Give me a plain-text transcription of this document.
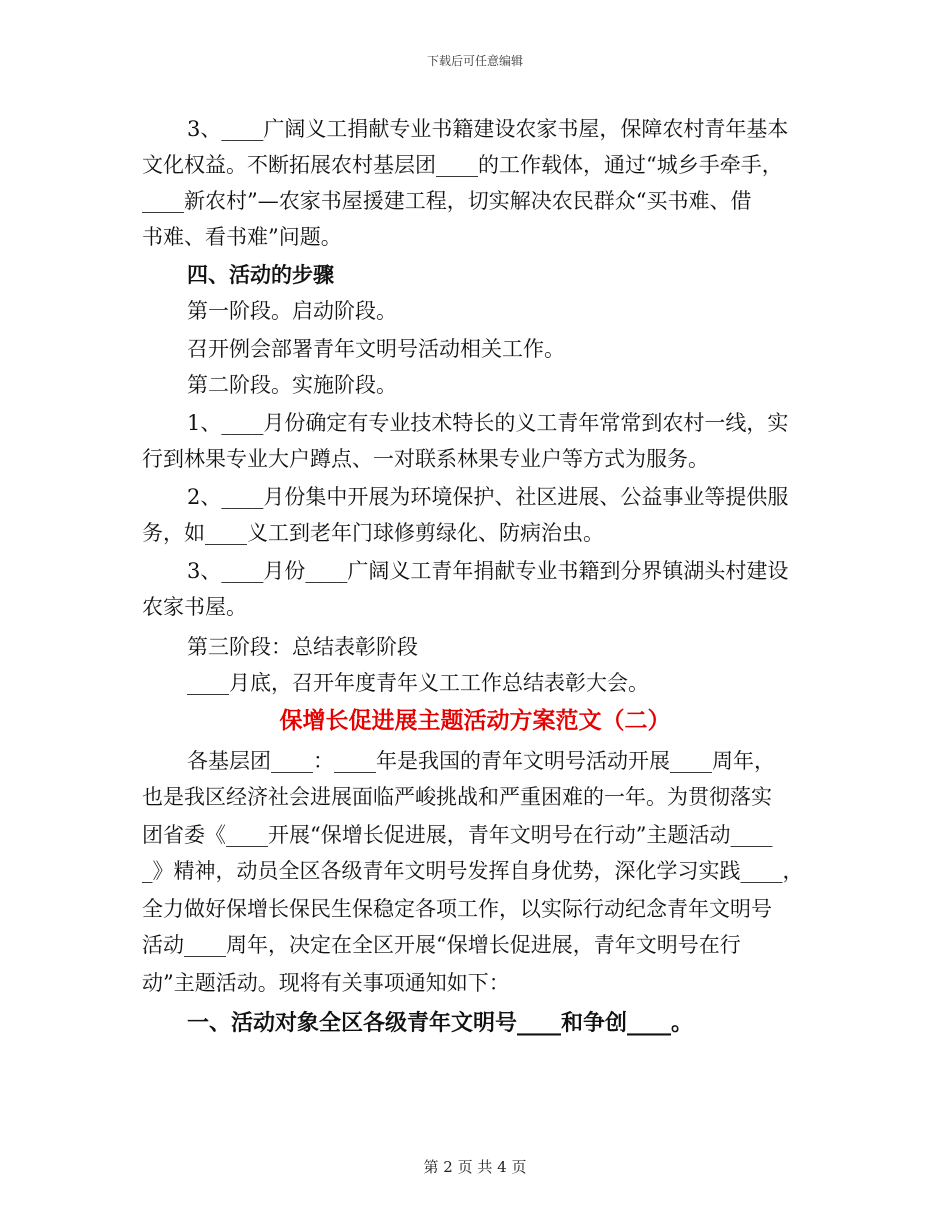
下载后可任意编辑
3、____广阔义工捐献专业书籍建设农家书屋，保障农村青年基本
文化权益。不断拓展农村基层团____的工作载体，通过“城乡手牵手，
____新农村”—农家书屋援建工程，切实解决农民群众“买书难、借
书难、看书难”问题。
四、活动的步骤
第一阶段。启动阶段。
召开例会部署青年文明号活动相关工作。
第二阶段。实施阶段。
1、____月份确定有专业技术特长的义工青年常常到农村一线，实
行到林果专业大户蹲点、一对联系林果专业户等方式为服务。
2、____月份集中开展为环境保护、社区进展、公益事业等提供服
务，如____义工到老年门球修剪绿化、防病治虫。
3、____月份____广阔义工青年捐献专业书籍到分界镇湖头村建设
农家书屋。
第三阶段：总结表彰阶段
____月底，召开年度青年义工工作总结表彰大会。
保增长促进展主题活动方案范文（二）
各基层团____：____年是我国的青年文明号活动开展____周年，
也是我区经济社会进展面临严峻挑战和严重困难的一年。为贯彻落实
团省委《____开展“保增长促进展，青年文明号在行动”主题活动____
_》精神，动员全区各级青年文明号发挥自身优势，深化学习实践____，
全力做好保增长保民生保稳定各项工作，以实际行动纪念青年文明号
活动____周年，决定在全区开展“保增长促进展，青年文明号在行
动”主题活动。现将有关事项通知如下：
一、活动对象全区各级青年文明号____和争创____。
第 2 页 共 4 页
